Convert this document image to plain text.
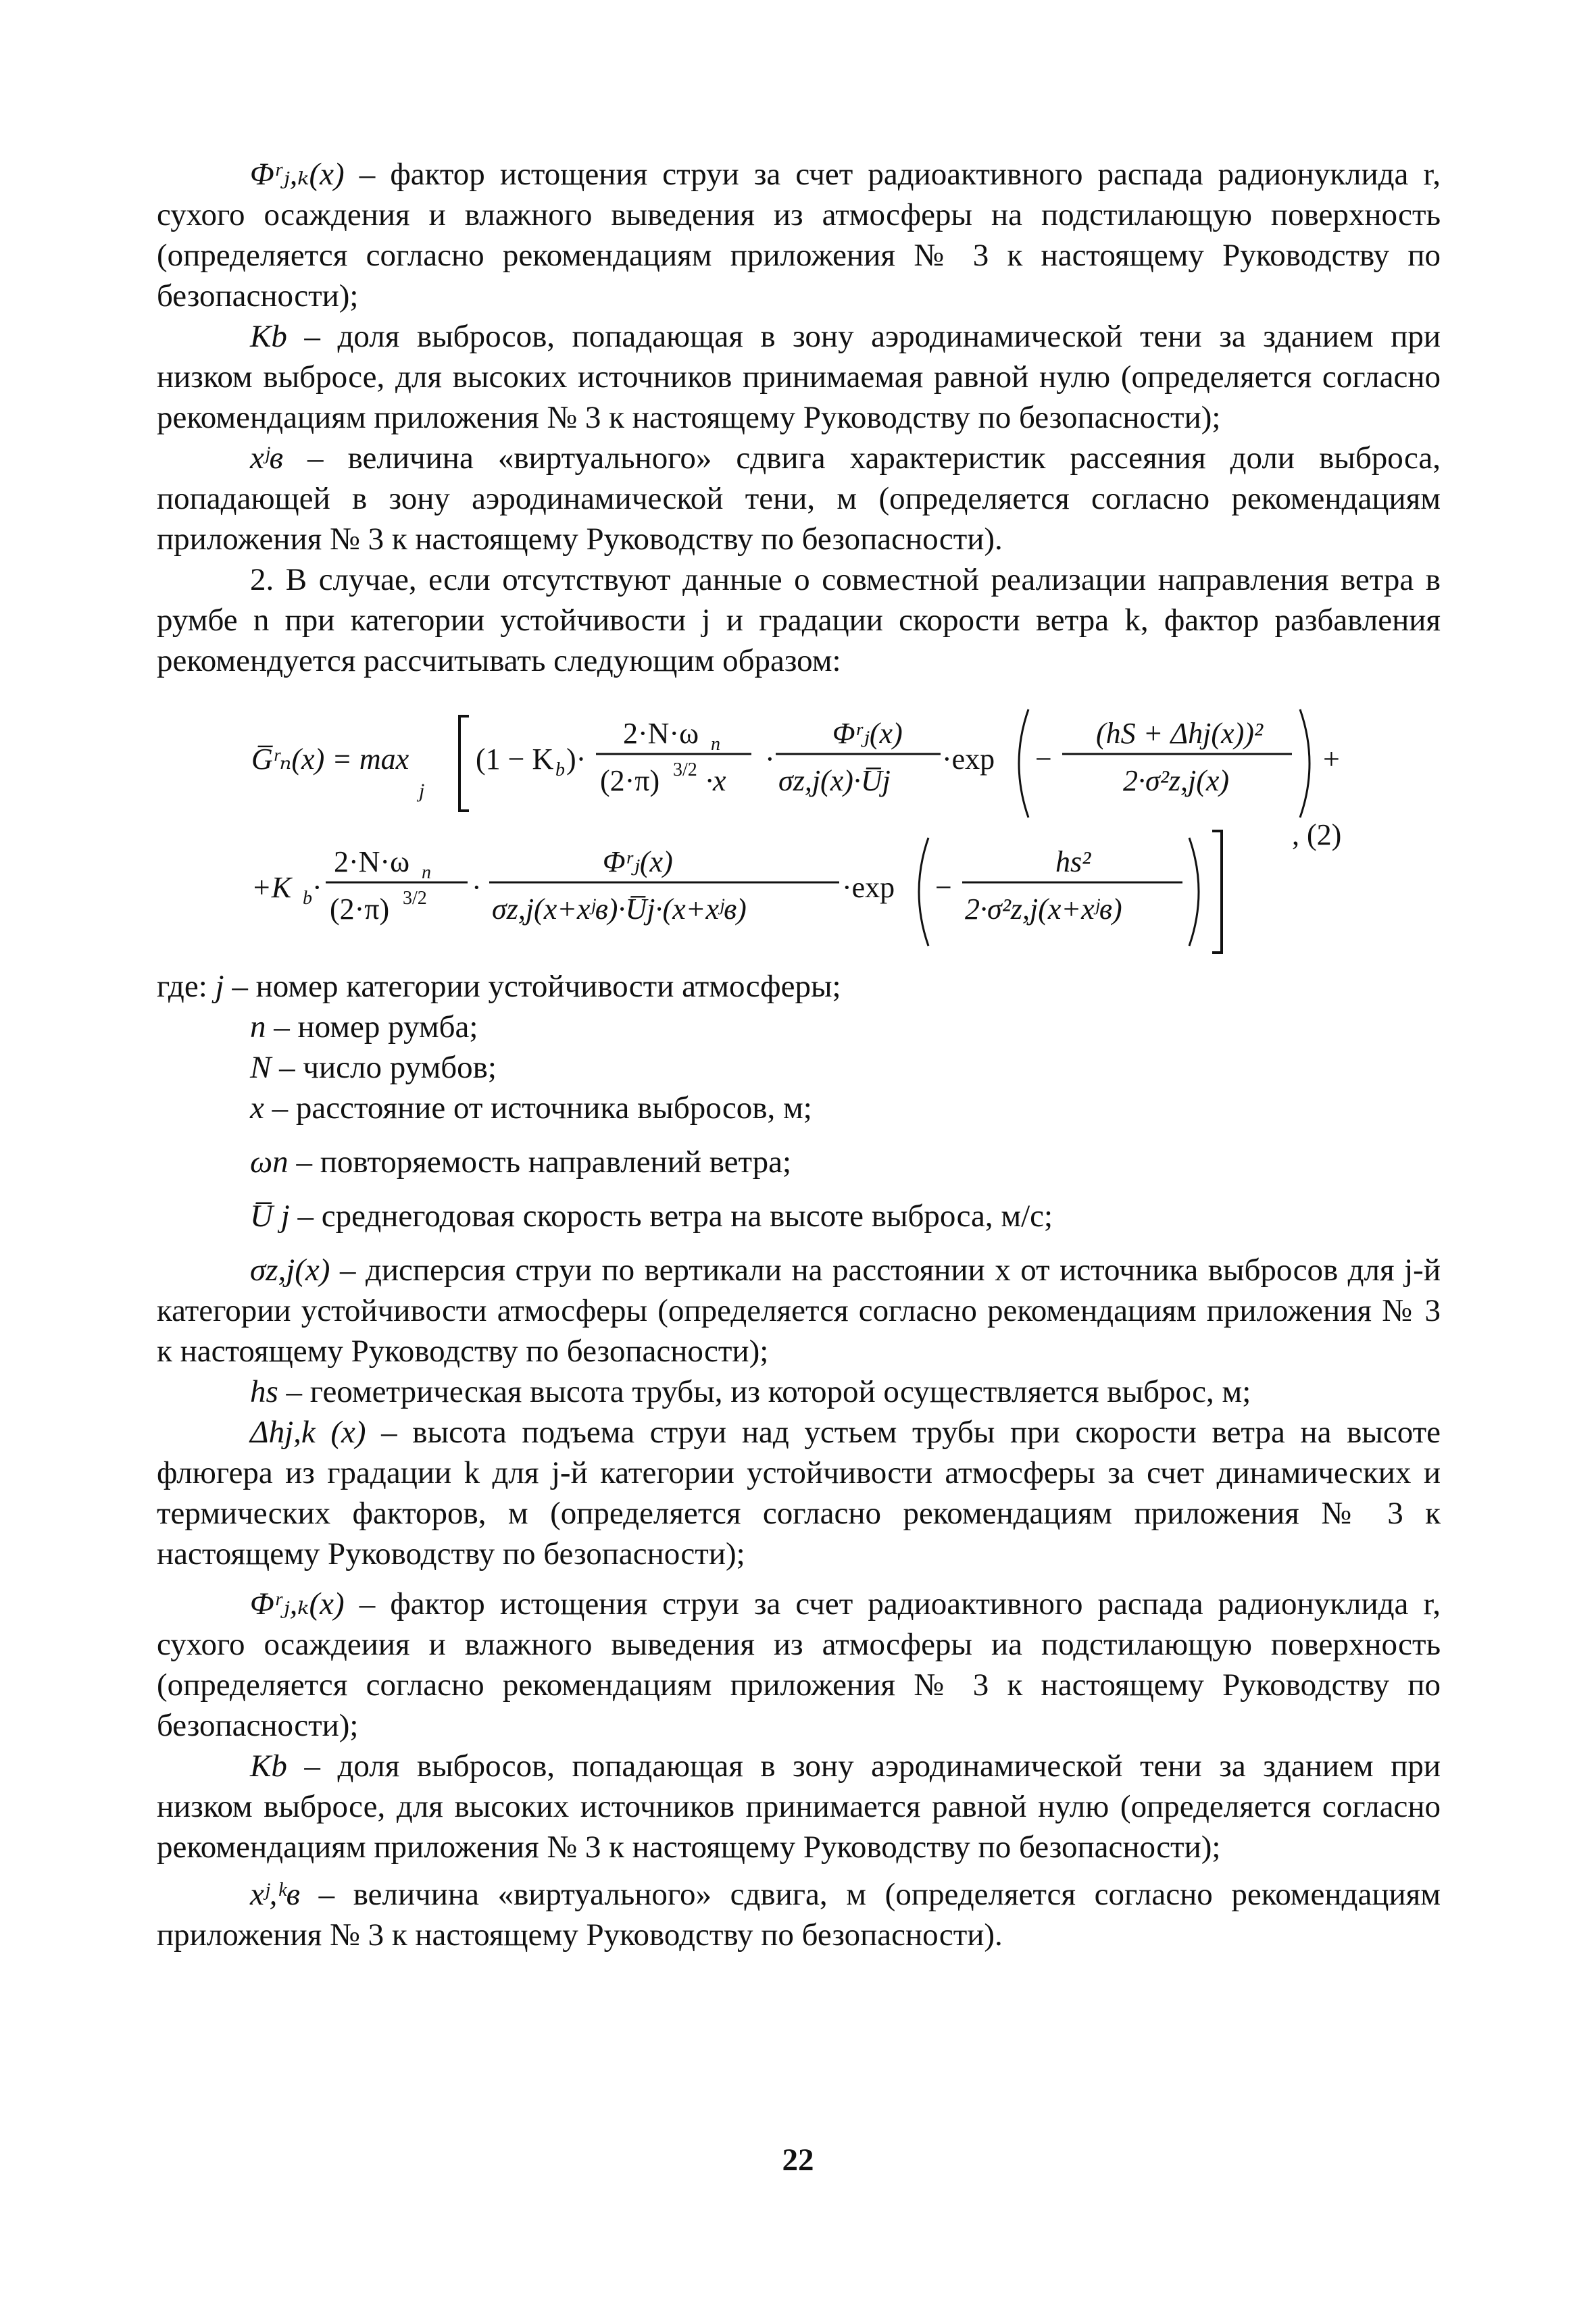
Φʳⱼ,ₖ(x) – фактор истощения струи за счет радиоактивного распада радионуклида r, сухого осаждения и влажного выведения из атмосферы на подстилающую поверхность (определяется согласно рекомендациям приложения № 3 к настоящему Руководству по безопасности);

Kb – доля выбросов, попадающая в зону аэродинамической тени за зданием при низком выбросе, для высоких источников принимаемая равной нулю (определяется согласно рекомендациям приложения № 3 к настоящему Руководству по безопасности);

xʲв – величина «виртуального» сдвига характеристик рассеяния доли выброса, попадающей в зону аэродинамической тени, м (определяется согласно рекомендациям приложения № 3 к настоящему Руководству по безопасности).

2. В случае, если отсутствуют данные о совместной реализации направления ветра в румбе n при категории устойчивости j и градации скорости ветра k, фактор разбавления рекомендуется рассчитывать следующим образом:

G̅ʳₙ(x) = max
j
(1 − K b )·
2·N·ω n
(2·π) 3/2 ·x
·
Φʳⱼ(x)
σz,j(x)·U̅j
·exp −
(hS + Δhj(x))²
2·σ²z,j(x)
+
+K b ·
2·N·ω n
(2·π) 3/2 ·
Φʳⱼ(x)
σz,j(x+xʲв)·U̅j·(x+xʲв)
·exp −
hs²
2·σ²z,j(x+xʲв)
, (2)

где: j – номер категории устойчивости атмосферы;

n – номер румба;

N – число румбов;

x – расстояние от источника выбросов, м;

ωn – повторяемость направлений ветра;

U̅ j – среднегодовая скорость ветра на высоте выброса, м/с;

σz,j(x) – дисперсия струи по вертикали на расстоянии x от источника выбросов для j-й категории устойчивости атмосферы (определяется согласно рекомендациям приложения № 3 к настоящему Руководству по безопасности);

hs – геометрическая высота трубы, из которой осуществляется выброс, м;

Δhj,k (x) – высота подъема струи над устьем трубы при скорости ветра на высоте флюгера из градации k для j-й категории устойчивости атмосферы за счет динамических и термических факторов, м (определяется согласно рекомендациям приложения № 3 к настоящему Руководству по безопасности);

Φʳⱼ,ₖ(x) – фактор истощения струи за счет радиоактивного распада радионуклида r, сухого осаждеиия и влажного выведения из атмосферы иа подстилающую поверхность (определяется согласно рекомендациям приложения № 3 к настоящему Руководству по безопасности);

Kb – доля выбросов, попадающая в зону аэродинамической тени за зданием при низком выбросе, для высоких источников принимается равной нулю (определяется согласно рекомендациям приложения № 3 к настоящему Руководству по безопасности);

xʲ,ᵏв – величина «виртуального» сдвига, м (определяется согласно рекомендациям приложения № 3 к настоящему Руководству по безопасности).

22
